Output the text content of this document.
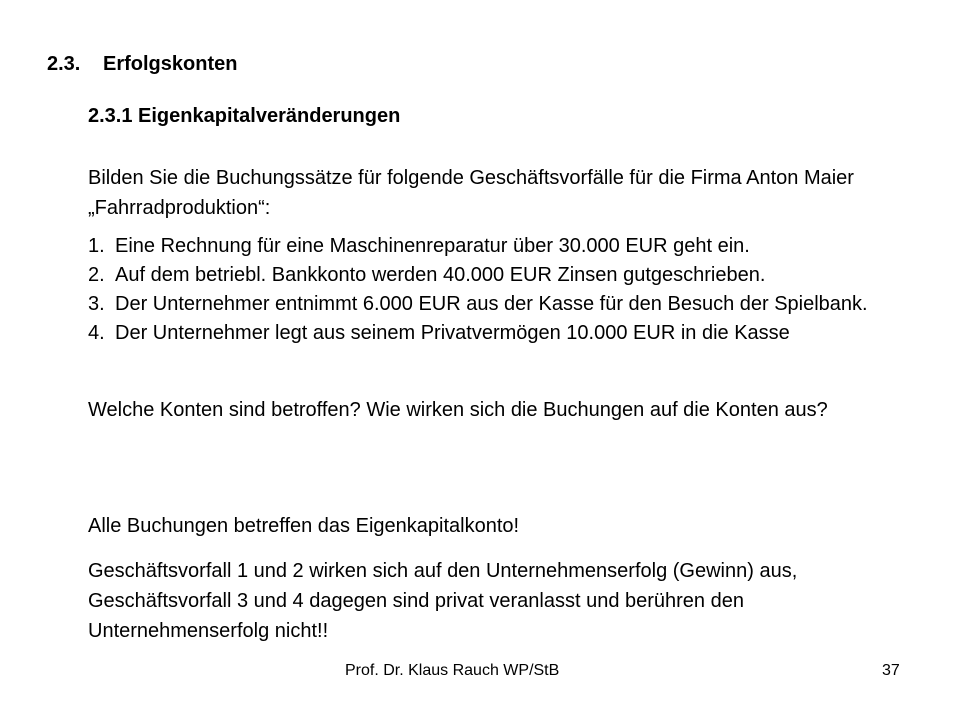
2.3. Erfolgskonten
2.3.1 Eigenkapitalveränderungen
Bilden Sie die Buchungssätze für folgende Geschäftsvorfälle für die Firma Anton Maier „Fahrradproduktion“:
1. Eine Rechnung für eine Maschinenreparatur über 30.000 EUR geht ein.
2. Auf dem betriebl. Bankkonto werden 40.000 EUR Zinsen gutgeschrieben.
3. Der Unternehmer entnimmt 6.000 EUR aus der Kasse für den Besuch der Spielbank.
4. Der Unternehmer legt aus seinem Privatvermögen 10.000 EUR in die Kasse
Welche Konten sind betroffen? Wie wirken sich die Buchungen auf die Konten aus?
Alle Buchungen betreffen das Eigenkapitalkonto!
Geschäftsvorfall 1 und 2 wirken sich auf den Unternehmenserfolg (Gewinn) aus, Geschäftsvorfall 3 und 4 dagegen sind privat veranlasst und berühren den Unternehmenserfolg nicht!!
Prof. Dr. Klaus Rauch WP/StB	37
